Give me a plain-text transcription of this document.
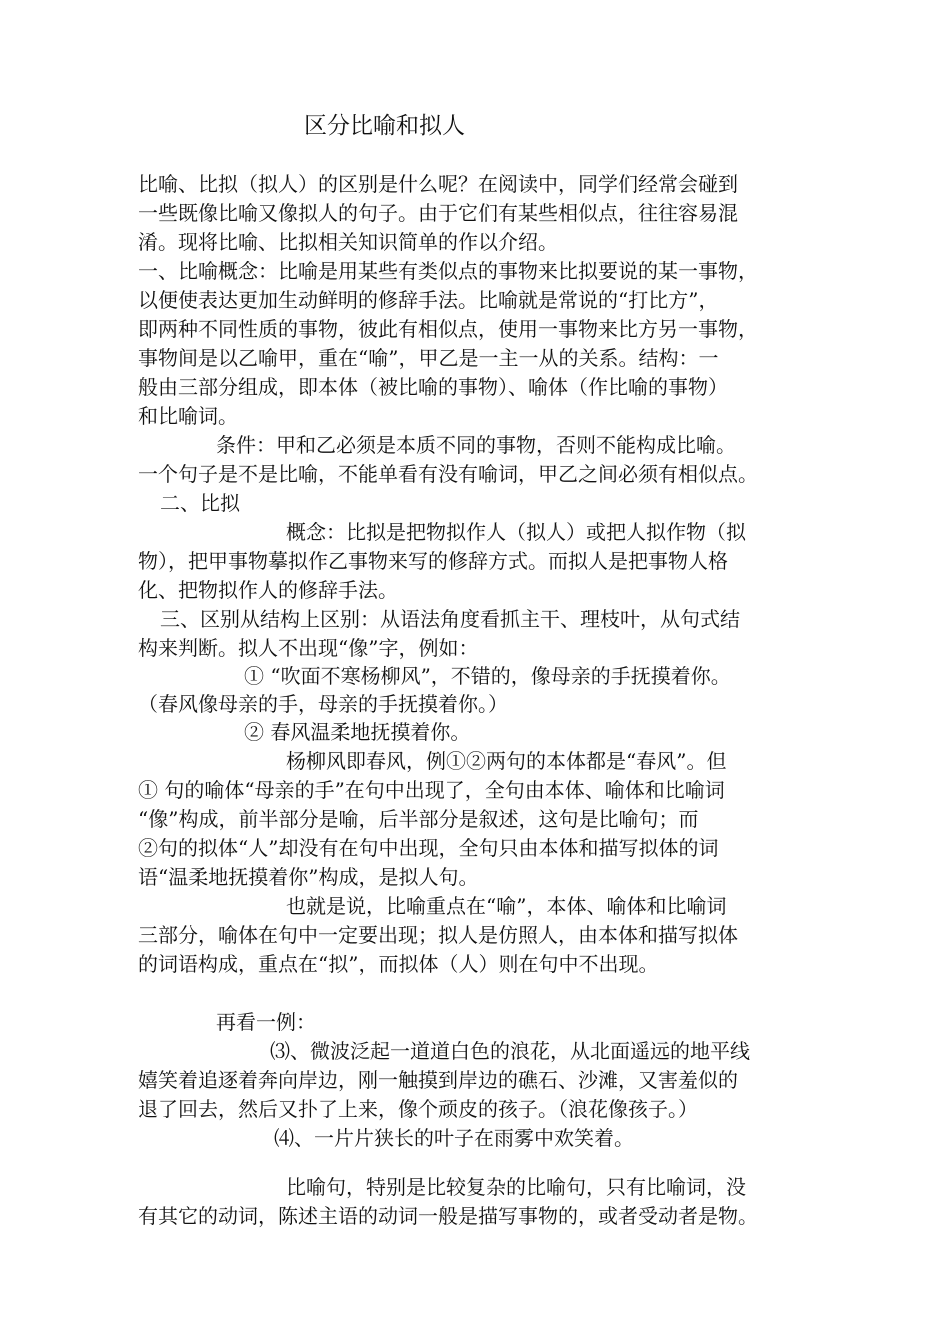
区分比喻和拟人
比喻、比拟（拟人）的区别是什么呢？在阅读中，同学们经常会碰到
一些既像比喻又像拟人的句子。由于它们有某些相似点，往往容易混
淆。现将比喻、比拟相关知识简单的作以介绍。
一、比喻概念：比喻是用某些有类似点的事物来比拟要说的某一事物，
以便使表达更加生动鲜明的修辞手法。比喻就是常说的“打比方”，
即两种不同性质的事物，彼此有相似点，使用一事物来比方另一事物，
事物间是以乙喻甲，重在“喻”，甲乙是一主一从的关系。结构：一
般由三部分组成，即本体（被比喻的事物）、喻体（作比喻的事物）
和比喻词。
条件：甲和乙必须是本质不同的事物，否则不能构成比喻。
一个句子是不是比喻，不能单看有没有喻词，甲乙之间必须有相似点。
二、比拟
概念：比拟是把物拟作人（拟人）或把人拟作物（拟
物），把甲事物摹拟作乙事物来写的修辞方式。而拟人是把事物人格
化、把物拟作人的修辞手法。
三、区别从结构上区别：从语法角度看抓主干、理枝叶，从句式结
构来判断。拟人不出现“像”字，例如：
① “吹面不寒杨柳风”，不错的，像母亲的手抚摸着你。
（春风像母亲的手，母亲的手抚摸着你。）
② 春风温柔地抚摸着你。
杨柳风即春风，例①②两句的本体都是“春风”。但
① 句的喻体“母亲的手”在句中出现了，全句由本体、喻体和比喻词
“像”构成，前半部分是喻，后半部分是叙述，这句是比喻句；而
②句的拟体“人”却没有在句中出现，全句只由本体和描写拟体的词
语“温柔地抚摸着你”构成，是拟人句。
也就是说，比喻重点在“喻”，本体、喻体和比喻词
三部分，喻体在句中一定要出现；拟人是仿照人，由本体和描写拟体
的词语构成，重点在“拟”，而拟体（人）则在句中不出现。
再看一例：
⑶、微波泛起一道道白色的浪花，从北面遥远的地平线
嬉笑着追逐着奔向岸边，刚一触摸到岸边的礁石、沙滩，又害羞似的
退了回去，然后又扑了上来，像个顽皮的孩子。（浪花像孩子。）
⑷、一片片狭长的叶子在雨雾中欢笑着。
比喻句，特别是比较复杂的比喻句，只有比喻词，没
有其它的动词，陈述主语的动词一般是描写事物的，或者受动者是物。
